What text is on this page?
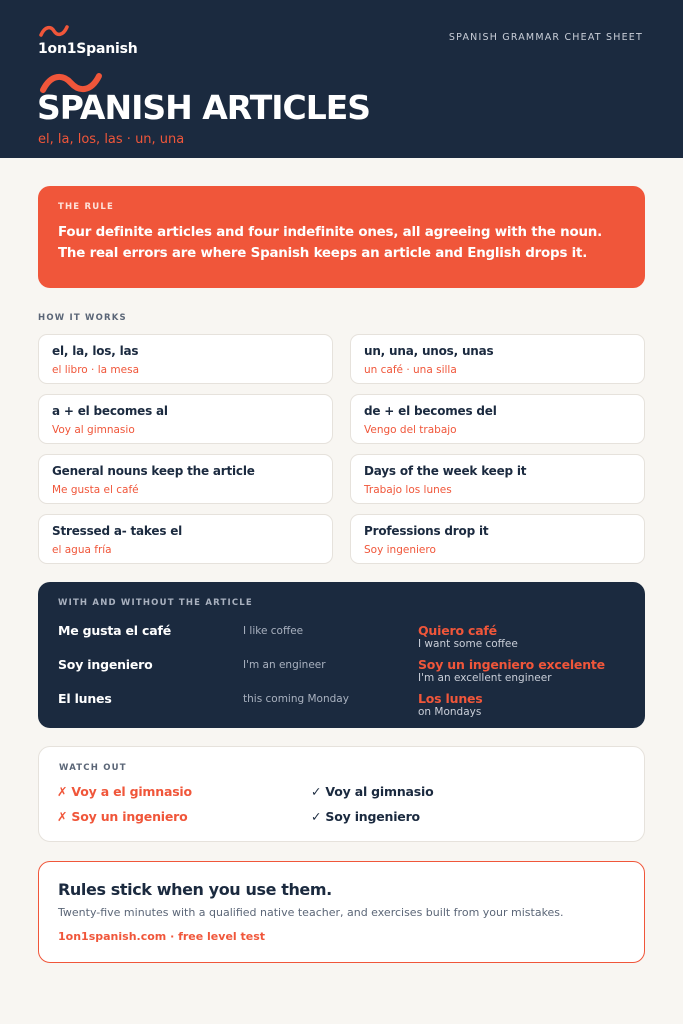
1on1Spanish
SPANISH GRAMMAR CHEAT SHEET
SPANISH ARTICLES
el, la, los, las · un, una
THE RULE
Four definite articles and four indefinite ones, all agreeing with the noun. The real errors are where Spanish keeps an article and English drops it.
HOW IT WORKS
el, la, los, las
el libro · la mesa
un, una, unos, unas
un café · una silla
a + el becomes al
Voy al gimnasio
de + el becomes del
Vengo del trabajo
General nouns keep the article
Me gusta el café
Days of the week keep it
Trabajo los lunes
Stressed a- takes el
el agua fría
Professions drop it
Soy ingeniero
WITH AND WITHOUT THE ARTICLE
Me gusta el café	I like coffee	Quiero café
I want some coffee
Soy ingeniero	I'm an engineer	Soy un ingeniero excelente
I'm an excellent engineer
El lunes	this coming Monday	Los lunes
on Mondays
WATCH OUT
✗ Voy a el gimnasio	✓ Voy al gimnasio
✗ Soy un ingeniero	✓ Soy ingeniero
Rules stick when you use them.
Twenty-five minutes with a qualified native teacher, and exercises built from your mistakes.
1on1spanish.com · free level test
